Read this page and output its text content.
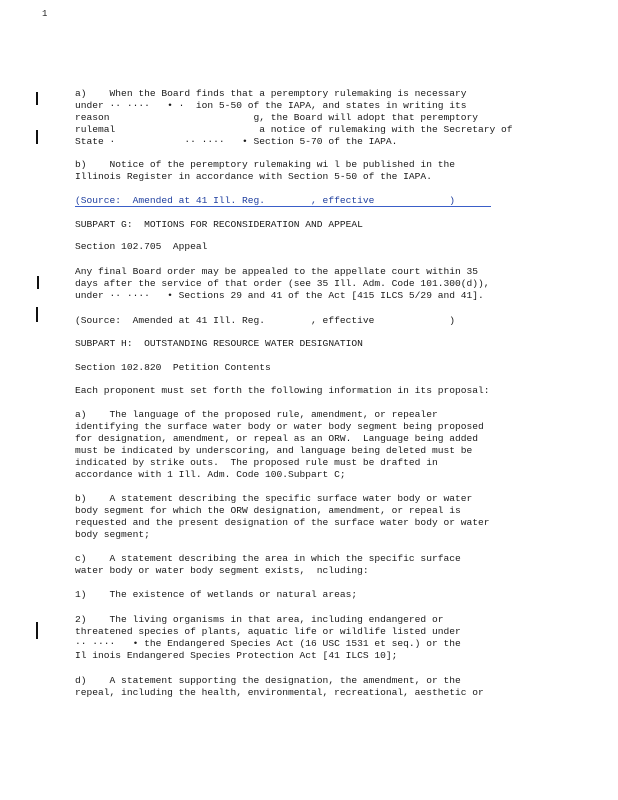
1
a)    When the Board finds that a peremptory rulemaking is necessary
under ·· ····   • ·  ion 5-50 of the IAPA, and states in writing its
reason                         g, the Board will adopt that peremptory
rulemal                         a notice of rulemaking with the Secretary of
State ·            ·· ····   • Section 5-70 of the IAPA.
b)    Notice of the peremptory rulemaking wi l be published in the
Illinois Register in accordance with Section 5-50 of the IAPA.
(Source:  Amended at 41 Ill. Reg.        , effective             )
SUBPART G:  MOTIONS FOR RECONSIDERATION AND APPEAL
Section 102.705  Appeal
Any final Board order may be appealed to the appellate court within 35
days after the service of that order (see 35 Ill. Adm. Code 101.300(d)),
under ·· ····   • Sections 29 and 41 of the Act [415 ILCS 5/29 and 41].
(Source:  Amended at 41 Ill. Reg.        , effective             )
SUBPART H:  OUTSTANDING RESOURCE WATER DESIGNATION
Section 102.820  Petition Contents
Each proponent must set forth the following information in its proposal:
a)    The language of the proposed rule, amendment, or repealer
identifying the surface water body or water body segment being proposed
for designation, amendment, or repeal as an ORW.  Language being added
must be indicated by underscoring, and language being deleted must be
indicated by strike outs.  The proposed rule must be drafted in
accordance with 1 Ill. Adm. Code 100.Subpart C;
b)    A statement describing the specific surface water body or water
body segment for which the ORW designation, amendment, or repeal is
requested and the present designation of the surface water body or water
body segment;
c)    A statement describing the area in which the specific surface
water body or water body segment exists,  ncluding:
1)    The existence of wetlands or natural areas;
2)    The living organisms in that area, including endangered or
threatened species of plants, aquatic life or wildlife listed under
·· ····   • the Endangered Species Act (16 USC 1531 et seq.) or the
Il inois Endangered Species Protection Act [41 ILCS 10];
d)    A statement supporting the designation, the amendment, or the
repeal, including the health, environmental, recreational, aesthetic or
